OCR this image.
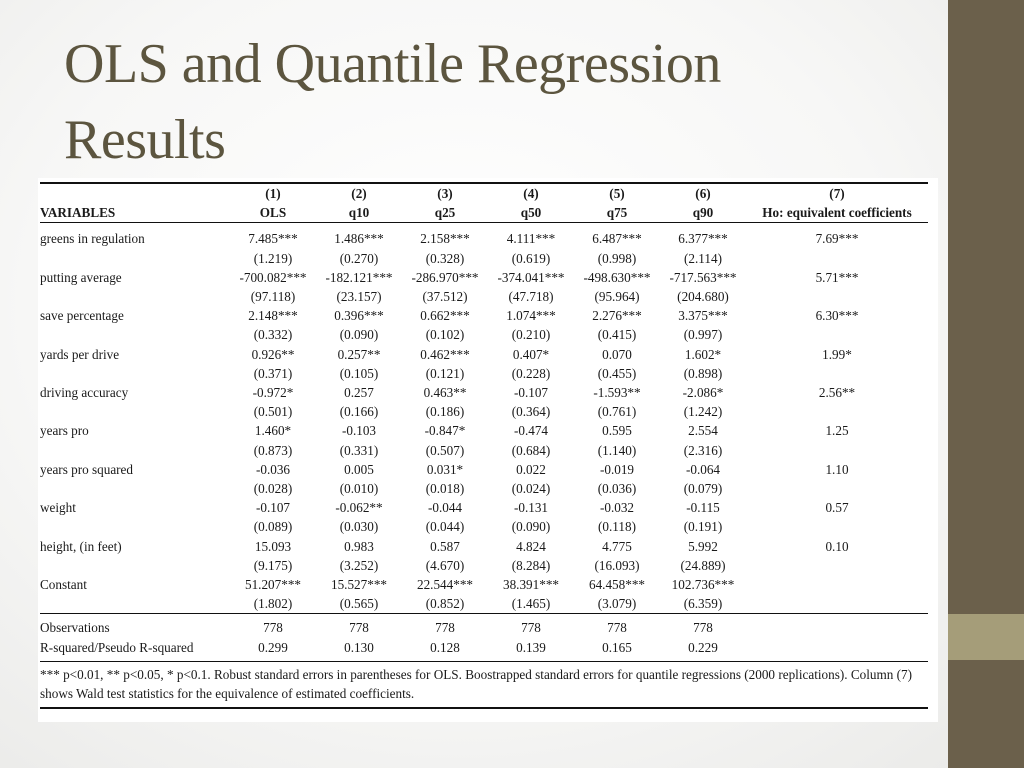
OLS and Quantile Regression
Results
	(1)	(2)	(3)	(4)	(5)	(6)	(7)
VARIABLES	OLS	q10	q25	q50	q75	q90	Ho: equivalent coefficients
greens in regulation	7.485***	1.486***	2.158***	4.111***	6.487***	6.377***	7.69***
	(1.219)	(0.270)	(0.328)	(0.619)	(0.998)	(2.114)	
putting average	-700.082***	-182.121***	-286.970***	-374.041***	-498.630***	-717.563***	5.71***
	(97.118)	(23.157)	(37.512)	(47.718)	(95.964)	(204.680)	
save percentage	2.148***	0.396***	0.662***	1.074***	2.276***	3.375***	6.30***
	(0.332)	(0.090)	(0.102)	(0.210)	(0.415)	(0.997)	
yards per drive	0.926**	0.257**	0.462***	0.407*	0.070	1.602*	1.99*
	(0.371)	(0.105)	(0.121)	(0.228)	(0.455)	(0.898)	
driving accuracy	-0.972*	0.257	0.463**	-0.107	-1.593**	-2.086*	2.56**
	(0.501)	(0.166)	(0.186)	(0.364)	(0.761)	(1.242)	
years pro	1.460*	-0.103	-0.847*	-0.474	0.595	2.554	1.25
	(0.873)	(0.331)	(0.507)	(0.684)	(1.140)	(2.316)	
years pro squared	-0.036	0.005	0.031*	0.022	-0.019	-0.064	1.10
	(0.028)	(0.010)	(0.018)	(0.024)	(0.036)	(0.079)	
weight	-0.107	-0.062**	-0.044	-0.131	-0.032	-0.115	0.57
	(0.089)	(0.030)	(0.044)	(0.090)	(0.118)	(0.191)	
height, (in feet)	15.093	0.983	0.587	4.824	4.775	5.992	0.10
	(9.175)	(3.252)	(4.670)	(8.284)	(16.093)	(24.889)	
Constant	51.207***	15.527***	22.544***	38.391***	64.458***	102.736***	
	(1.802)	(0.565)	(0.852)	(1.465)	(3.079)	(6.359)	
Observations	778	778	778	778	778	778	
R-squared/Pseudo R-squared	0.299	0.130	0.128	0.139	0.165	0.229	
*** p<0.01, ** p<0.05, * p<0.1. Robust standard errors in parentheses for OLS. Boostrapped standard errors for quantile regressions (2000 replications). Column (7) shows Wald test statistics for the equivalence of estimated coefficients.							
